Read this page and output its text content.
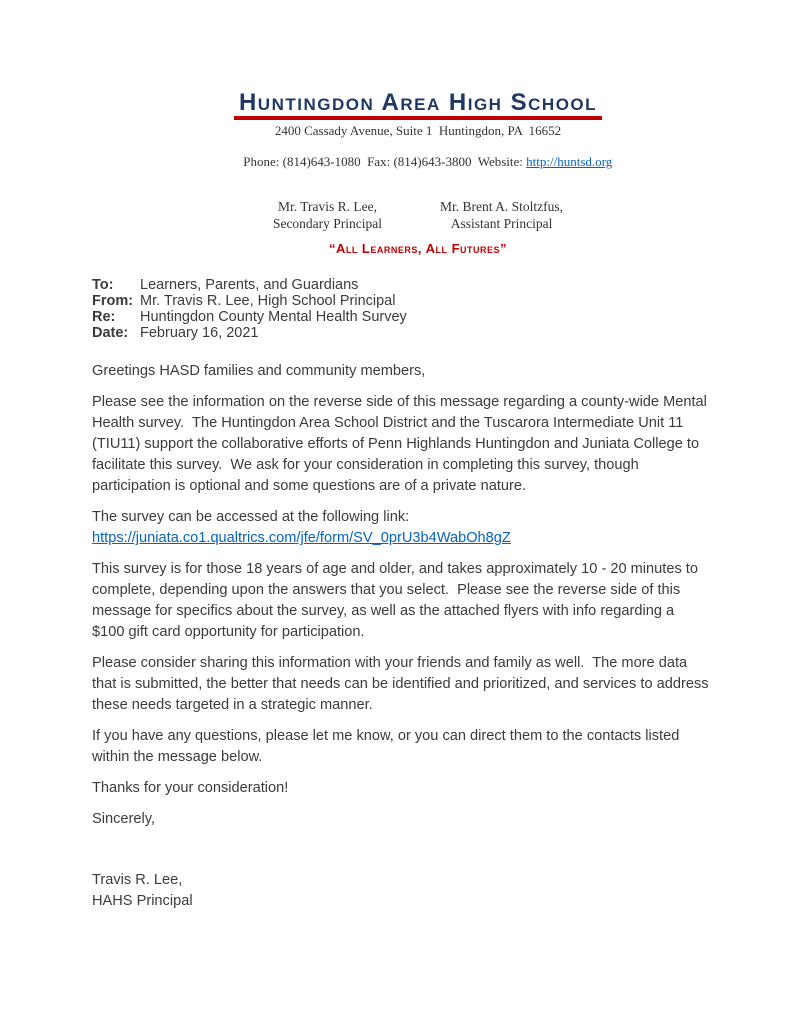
Huntingdon Area High School
2400 Cassady Avenue, Suite 1  Huntingdon, PA  16652

Phone: (814)643-1080  Fax: (814)643-3800  Website: http://huntsd.org

Mr. Travis R. Lee,
Secondary Principal
Mr. Brent A. Stoltzfus,
Assistant Principal
“All Learners, All Futures”
To:	Learners, Parents, and Guardians
From: Mr. Travis R. Lee, High School Principal
Re:	Huntingdon County Mental Health Survey
Date: February 16, 2021

Greetings HASD families and community members,

Please see the information on the reverse side of this message regarding a county-wide Mental Health survey.  The Huntingdon Area School District and the Tuscarora Intermediate Unit 11 (TIU11) support the collaborative efforts of Penn Highlands Huntingdon and Juniata College to facilitate this survey.  We ask for your consideration in completing this survey, though participation is optional and some questions are of a private nature.

The survey can be accessed at the following link:
https://juniata.co1.qualtrics.com/jfe/form/SV_0prU3b4WabOh8gZ

This survey is for those 18 years of age and older, and takes approximately 10 - 20 minutes to complete, depending upon the answers that you select.  Please see the reverse side of this message for specifics about the survey, as well as the attached flyers with info regarding a $100 gift card opportunity for participation.

Please consider sharing this information with your friends and family as well.  The more data that is submitted, the better that needs can be identified and prioritized, and services to address these needs targeted in a strategic manner.

If you have any questions, please let me know, or you can direct them to the contacts listed within the message below.

Thanks for your consideration!

Sincerely,

Travis R. Lee,
HAHS Principal
